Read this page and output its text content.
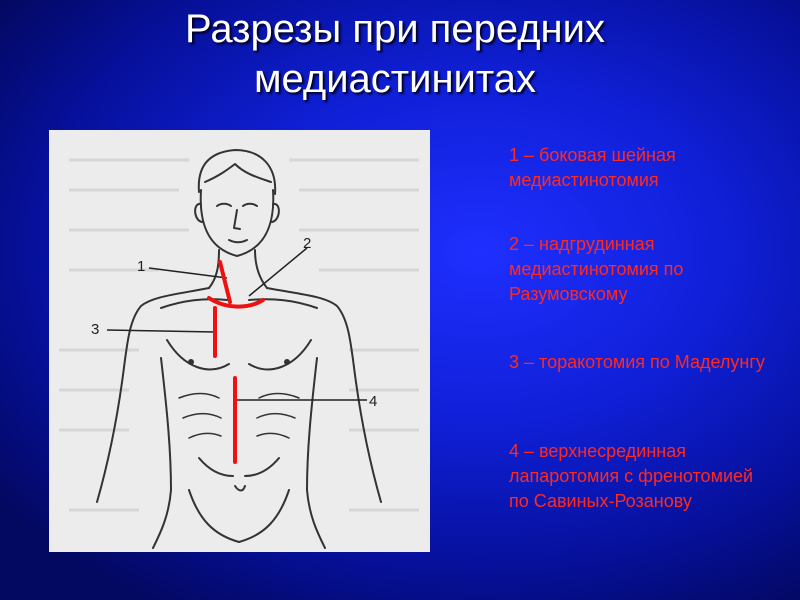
Разрезы при передних
медиастинитах
1
2
3
4
1 – боковая шейная медиастинотомия
2 – надгрудинная медиастинотомия по Разумовскому
3 – торакотомия по Маделунгу
4 – верхнесрединная лапаротомия с френотомией по Савиных-Розанову
